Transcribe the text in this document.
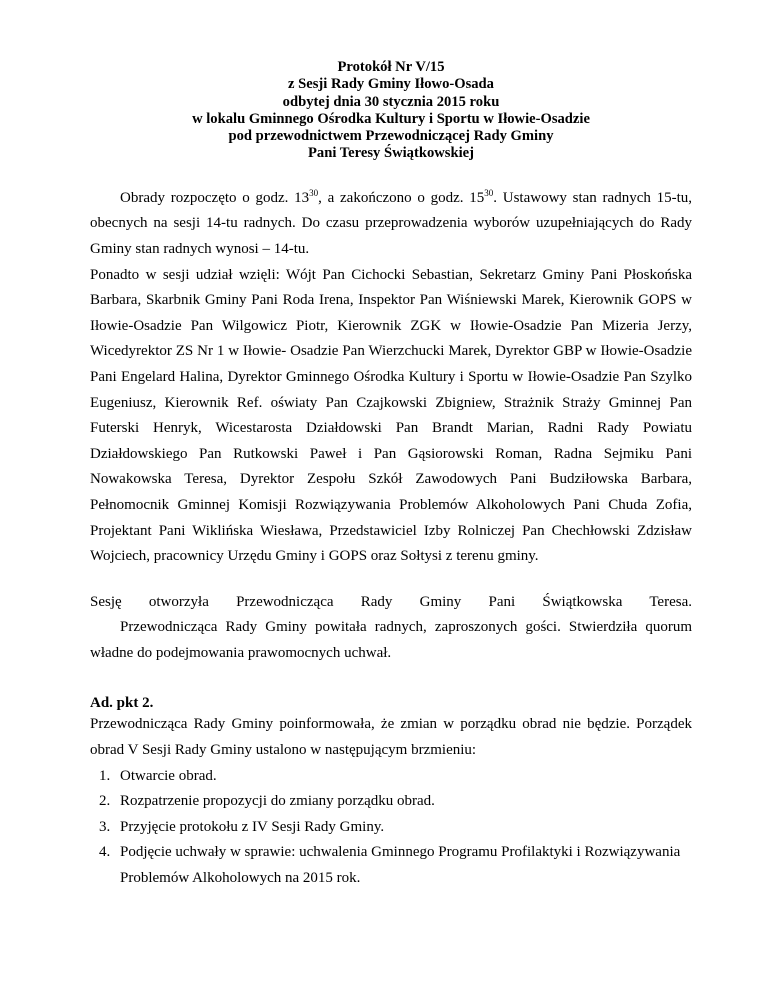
Protokół Nr V/15
z Sesji Rady Gminy Iłowo-Osada
odbytej dnia 30 stycznia 2015 roku
w lokalu Gminnego Ośrodka Kultury i Sportu w Iłowie-Osadzie
pod przewodnictwem Przewodniczącej Rady Gminy
Pani Teresy Świątkowskiej

Obrady rozpoczęto o godz. $13^{30}$, a zakończono o godz. $15^{30}$. Ustawowy stan radnych 15-tu, obecnych na sesji 14-tu radnych. Do czasu przeprowadzenia wyborów uzupełniających do Rady Gminy stan radnych wynosi – 14-tu.

Ponadto w sesji udział wzięli: Wójt Pan Cichocki Sebastian, Sekretarz Gminy Pani Płoskońska Barbara, Skarbnik Gminy Pani Roda Irena, Inspektor Pan Wiśniewski Marek, Kierownik GOPS w Iłowie-Osadzie Pan Wilgowicz Piotr, Kierownik ZGK w Iłowie-Osadzie Pan Mizeria Jerzy, Wicedyrektor ZS Nr 1 w Iłowie- Osadzie Pan Wierzchucki Marek, Dyrektor GBP w Iłowie-Osadzie Pani Engelard Halina, Dyrektor Gminnego Ośrodka Kultury i Sportu w Iłowie-Osadzie Pan Szylko Eugeniusz, Kierownik Ref. oświaty Pan Czajkowski Zbigniew, Strażnik Straży Gminnej Pan Futerski Henryk, Wicestarosta Działdowski Pan Brandt Marian, Radni Rady Powiatu Działdowskiego Pan Rutkowski Paweł i Pan Gąsiorowski Roman, Radna Sejmiku Pani Nowakowska Teresa, Dyrektor Zespołu Szkół Zawodowych Pani Budziłowska Barbara, Pełnomocnik Gminnej Komisji Rozwiązywania Problemów Alkoholowych Pani Chuda Zofia, Projektant Pani Wiklińska Wiesława, Przedstawiciel Izby Rolniczej Pan Chechłowski Zdzisław Wojciech, pracownicy Urzędu Gminy i GOPS oraz Sołtysi z terenu gminy.

Sesję otworzyła Przewodnicząca Rady Gminy Pani Świątkowska Teresa.
Przewodnicząca Rady Gminy powitała radnych, zaproszonych gości. Stwierdziła quorum władne do podejmowania prawomocnych uchwał.

Ad. pkt 2.

Przewodnicząca Rady Gminy poinformowała, że zmian w porządku obrad nie będzie. Porządek obrad V Sesji Rady Gminy ustalono w następującym brzmieniu:

1. Otwarcie obrad.
2. Rozpatrzenie propozycji do zmiany porządku obrad.
3. Przyjęcie protokołu z IV Sesji Rady Gminy.
4. Podjęcie uchwały w sprawie: uchwalenia Gminnego Programu Profilaktyki i Rozwiązywania Problemów Alkoholowych na 2015 rok.
